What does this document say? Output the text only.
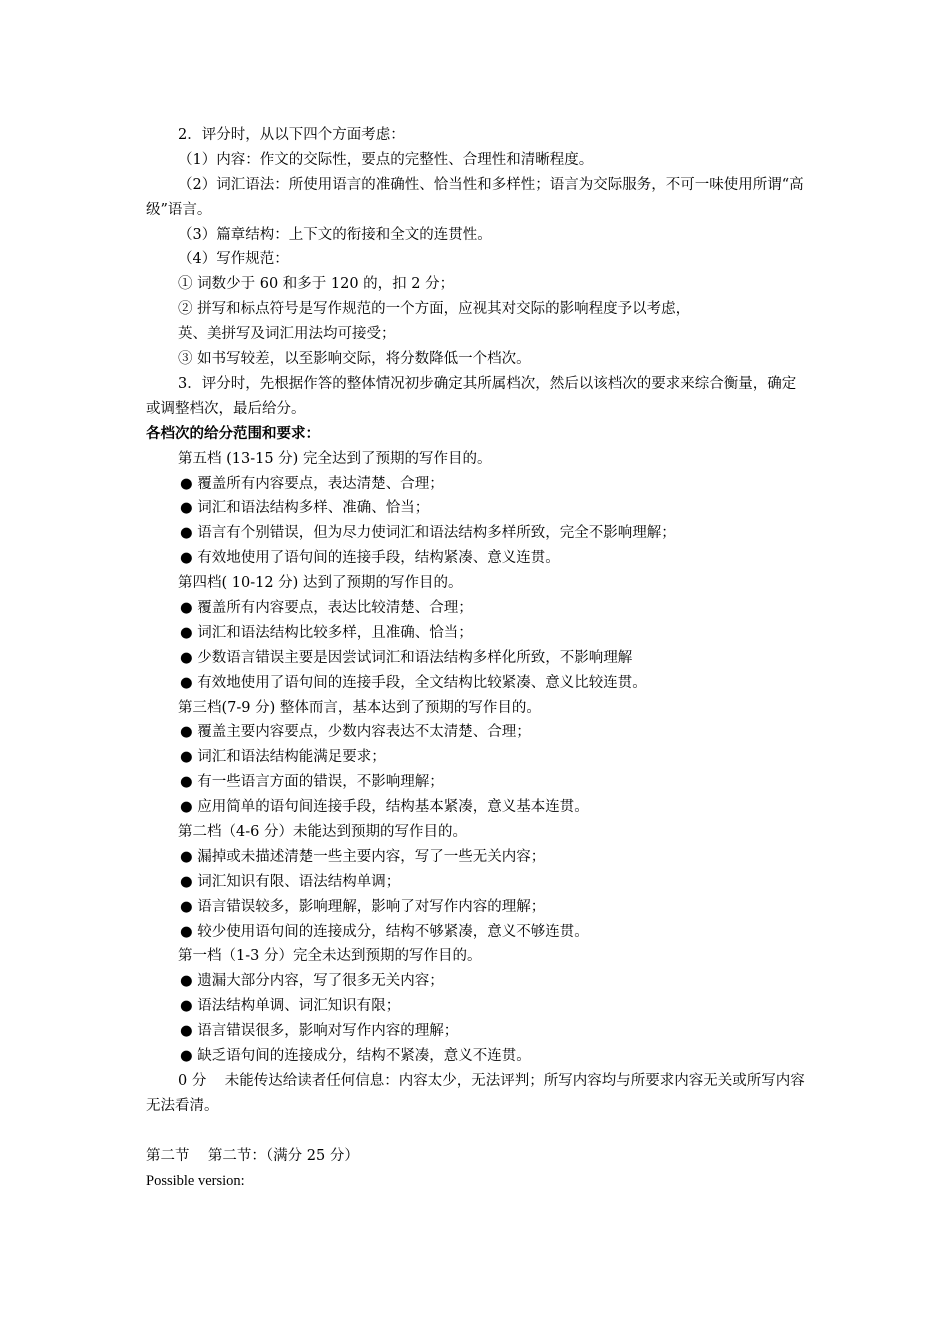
2．评分时，从以下四个方面考虑：
（1）内容：作文的交际性，要点的完整性、合理性和清晰程度。
（2）词汇语法：所使用语言的准确性、恰当性和多样性；语言为交际服务，不可一味使用所谓“高级”语言。
（3）篇章结构：上下文的衔接和全文的连贯性。
（4）写作规范：
① 词数少于 60 和多于 120 的，扣 2 分；
② 拼写和标点符号是写作规范的一个方面，应视其对交际的影响程度予以考虑，
英、美拼写及词汇用法均可接受；
③ 如书写较差，以至影响交际，将分数降低一个档次。
3．评分时，先根据作答的整体情况初步确定其所属档次，然后以该档次的要求来综合衡量，确定或调整档次，最后给分。
各档次的给分范围和要求：
第五档 (13-15 分) 完全达到了预期的写作目的。
● 覆盖所有内容要点，表达清楚、合理；
● 词汇和语法结构多样、准确、恰当；
● 语言有个别错误，但为尽力使词汇和语法结构多样所致，完全不影响理解；
● 有效地使用了语句间的连接手段，结构紧凑、意义连贯。
第四档( 10-12 分) 达到了预期的写作目的。
● 覆盖所有内容要点，表达比较清楚、合理；
● 词汇和语法结构比较多样，且准确、恰当；
● 少数语言错误主要是因尝试词汇和语法结构多样化所致，不影响理解
● 有效地使用了语句间的连接手段，全文结构比较紧凑、意义比较连贯。
第三档(7-9 分) 整体而言，基本达到了预期的写作目的。
● 覆盖主要内容要点，少数内容表达不太清楚、合理；
● 词汇和语法结构能满足要求；
● 有一些语言方面的错误，不影响理解；
● 应用简单的语句间连接手段，结构基本紧凑，意义基本连贯。
第二档（4-6 分）未能达到预期的写作目的。
● 漏掉或未描述清楚一些主要内容，写了一些无关内容；
● 词汇知识有限、语法结构单调；
● 语言错误较多，影响理解，影响了对写作内容的理解；
● 较少使用语句间的连接成分，结构不够紧凑，意义不够连贯。
第一档（1-3 分）完全未达到预期的写作目的。
● 遗漏大部分内容，写了很多无关内容；
● 语法结构单调、词汇知识有限；
● 语言错误很多，影响对写作内容的理解；
● 缺乏语句间的连接成分，结构不紧凑，意义不连贯。
0 分    未能传达给读者任何信息：内容太少，无法评判；所写内容均与所要求内容无关或所写内容无法看清。
第二节    第二节：（满分 25 分）
Possible version:
